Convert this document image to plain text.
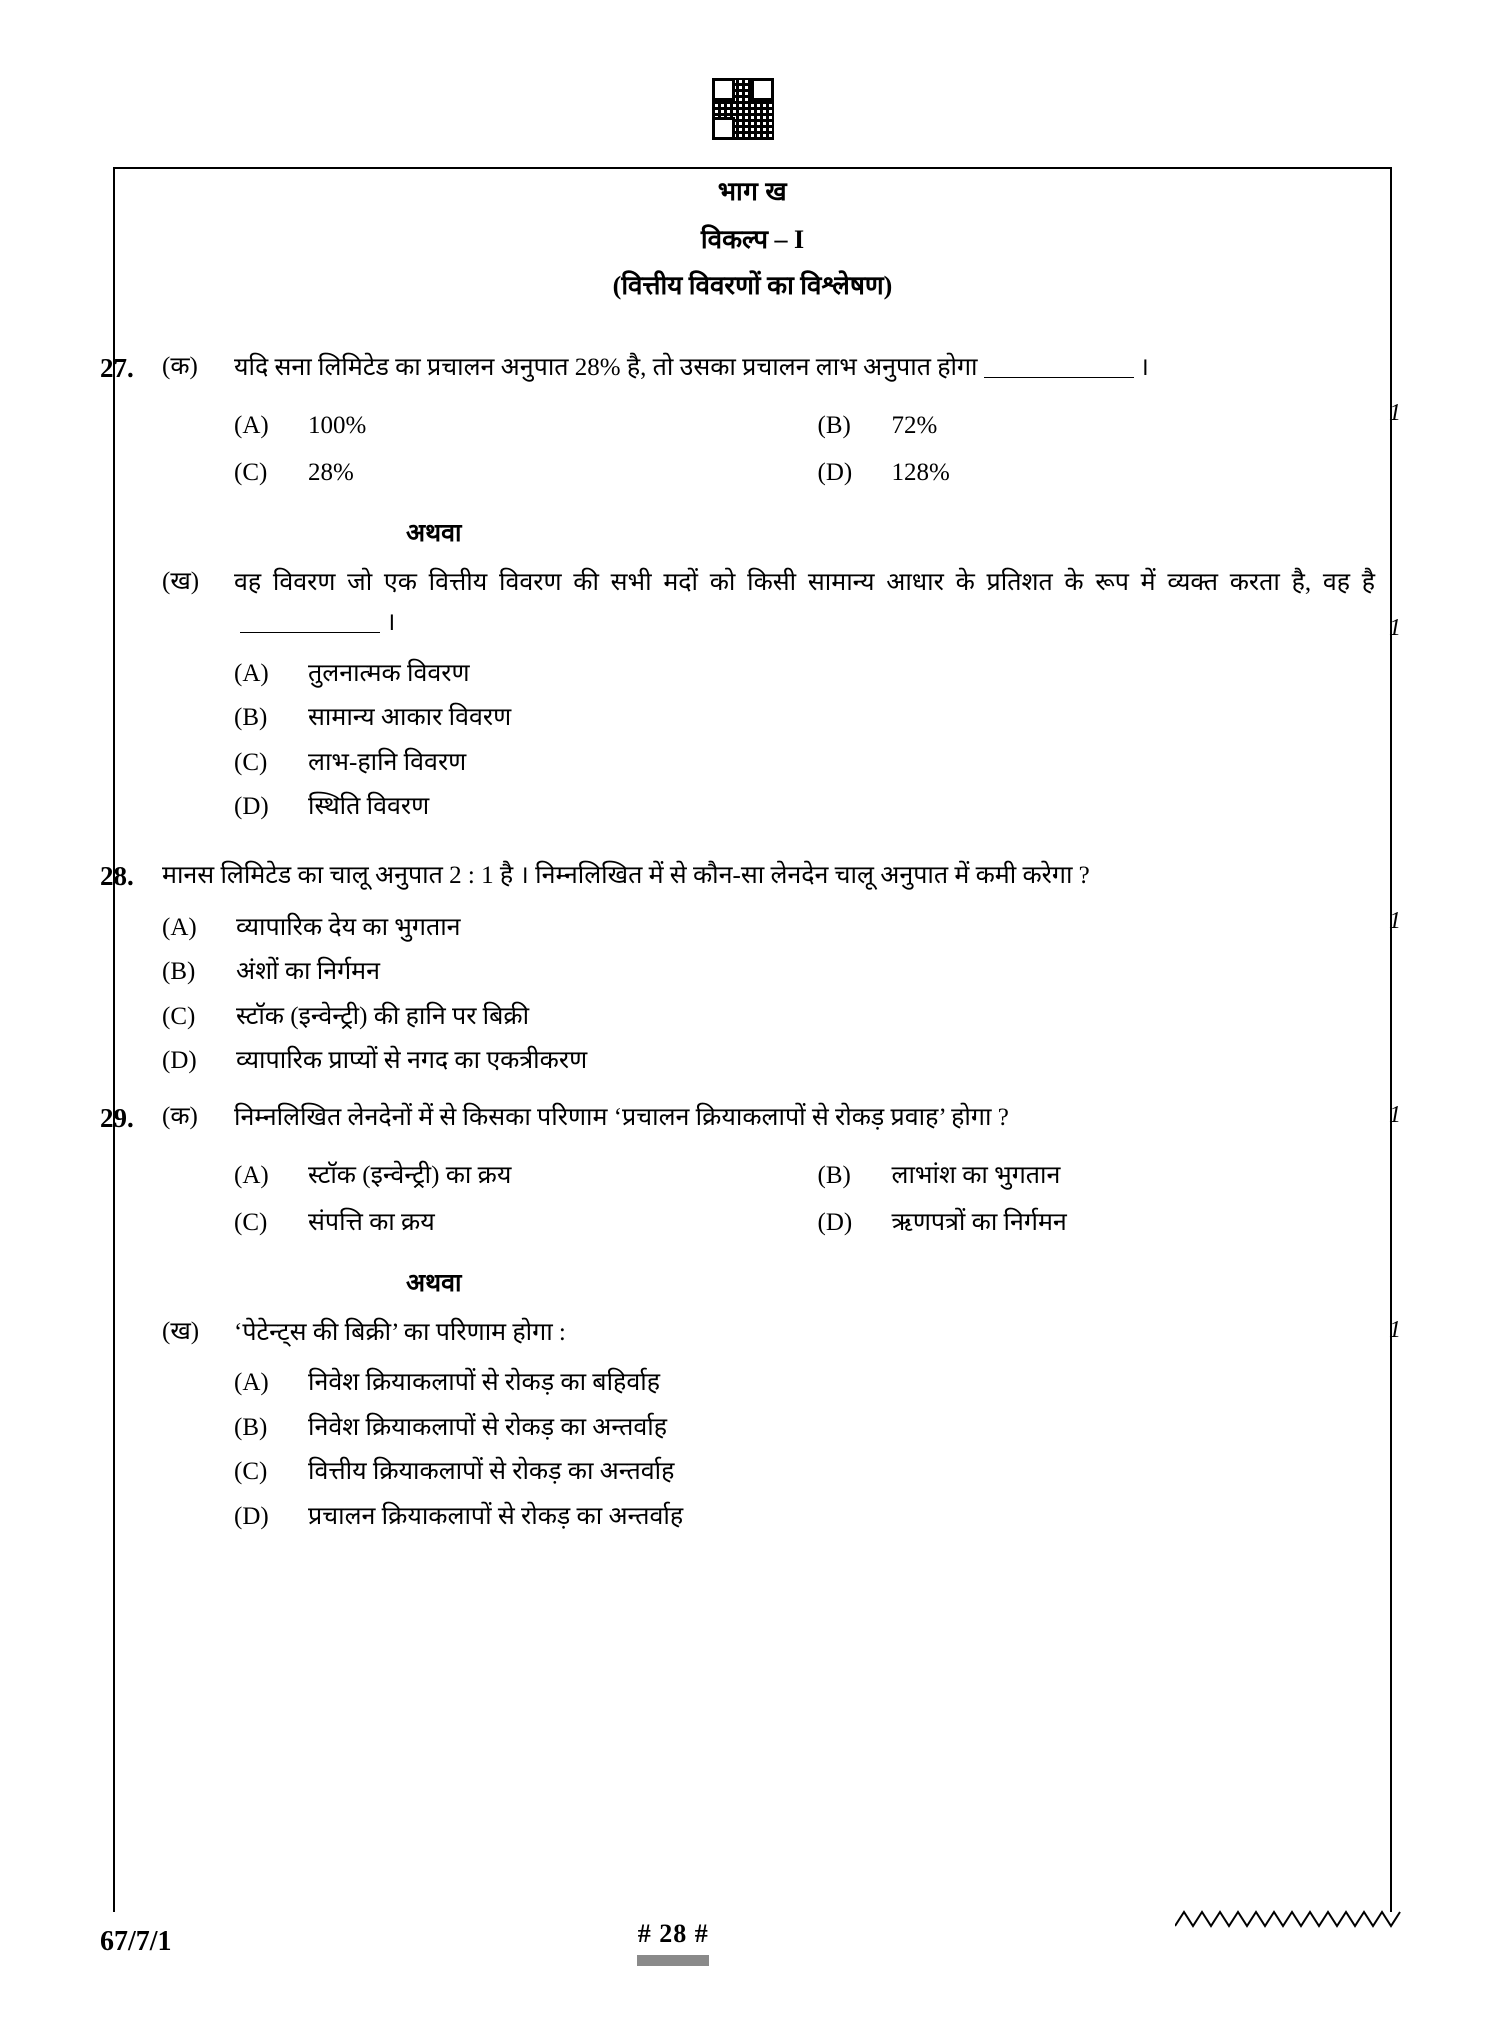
भाग ख
विकल्प – I
(वित्तीय विवरणों का विश्लेषण)
27.	(क)	यदि सना लिमिटेड का प्रचालन अनुपात 28% है, तो उसका प्रचालन लाभ अनुपात होगा	।
1
(A)	100%	(B)	72%
(C)	28%	(D)	128%
अथवा
(ख)	वह विवरण जो एक वित्तीय विवरण की सभी मदों को किसी सामान्य आधार के प्रतिशत के रूप में व्यक्त करता है, वह है।	1
(A)	तुलनात्मक विवरण
(B)	सामान्य आकार विवरण
(C)	लाभ-हानि विवरण
(D)	स्थिति विवरण
28.	मानस लिमिटेड का चालू अनुपात 2 : 1 है । निम्नलिखित में से कौन-सा लेनदेन चालू अनुपात में कमी करेगा ?
1
(A)	व्यापारिक देय का भुगतान
(B)	अंशों का निर्गमन
(C)	स्टॉक (इन्वेन्ट्री) की हानि पर बिक्री
(D)	व्यापारिक प्राप्यों से नगद का एकत्रीकरण
29.	(क)	निम्नलिखित लेनदेनों में से किसका परिणाम ‘प्रचालन क्रियाकलापों से रोकड़ प्रवाह’ होगा ?	1
(A)	स्टॉक (इन्वेन्ट्री) का क्रय	(B)	लाभांश का भुगतान
(C)	संपत्ति का क्रय	(D)	ऋणपत्रों का निर्गमन
अथवा
(ख)	‘पेटेन्ट्स की बिक्री’ का परिणाम होगा :	1
(A)	निवेश क्रियाकलापों से रोकड़ का बहिर्वाह
(B)	निवेश क्रियाकलापों से रोकड़ का अन्तर्वाह
(C)	वित्तीय क्रियाकलापों से रोकड़ का अन्तर्वाह
(D)	प्रचालन क्रियाकलापों से रोकड़ का अन्तर्वाह
67/7/1	# 28 #
